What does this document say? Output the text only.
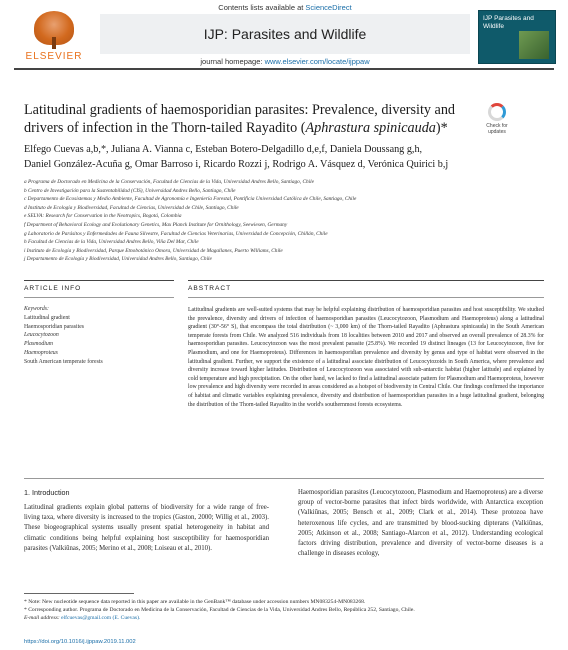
ELSEVIER
Contents lists available at ScienceDirect
IJP: Parasites and Wildlife
journal homepage: www.elsevier.com/locate/ijppaw
IJP Parasites and Wildlife
Latitudinal gradients of haemosporidian parasites: Prevalence, diversity and drivers of infection in the Thorn-tailed Rayadito (Aphrastura spinicauda)*	Check for updates
Elfego Cuevas a,b,*, Juliana A. Vianna c, Esteban Botero-Delgadillo d,e,f, Daniela Doussang g,h,
Daniel González-Acuña g, Omar Barroso i, Ricardo Rozzi j, Rodrigo A. Vásquez d, Verónica Quirici b,j
a Programa de Doctorado en Medicina de la Conservación, Facultad de Ciencias de la Vida, Universidad Andres Bello, Santiago, Chile
b Centro de Investigación para la Sustentabilidad (CIS), Universidad Andres Bello, Santiago, Chile
c Departamento de Ecosistemas y Medio Ambiente, Facultad de Agronomía e Ingeniería Forestal, Pontificia Universidad Católica de Chile, Santiago, Chile
d Instituto de Ecología y Biodiversidad, Facultad de Ciencias, Universidad de Chile, Santiago, Chile
e SELVA: Research for Conservation in the Neotropics, Bogotá, Colombia
f Department of Behavioral Ecology and Evolutionary Genetics, Max Planck Institute for Ornithology, Seewiesen, Germany
g Laboratorio de Parásitos y Enfermedades de Fauna Silvestre, Facultad de Ciencias Veterinarias, Universidad de Concepción, Chillán, Chile
h Facultad de Ciencias de la Vida, Universidad Andres Bello, Viña Del Mar, Chile
i Instituto de Ecología y Biodiversidad, Parque Etnobotánico Omora, Universidad de Magallanes, Puerto Williams, Chile
j Departamento de Ecología y Biodiversidad, Universidad Andres Bello, Santiago, Chile
ARTICLE INFO	ABSTRACT
Keywords:
Latitudinal gradient
Haemosporidian parasites
Leucocytozoon
Plasmodium
Haemoproteus
South American temperate forests
Latitudinal gradients are well-suited systems that may be helpful explaining distribution of haemosporidian parasites and host susceptibility. We studied the prevalence, diversity and drivers of infection of haemosporidian parasites (Leucocytozoon, Plasmodium and Haemoproteus) along a latitudinal gradient (30°-56° S), that encompass the total distribution (~ 3,000 km) of the Thorn-tailed Rayadito (Aphrastura spinicauda) in the South American temperate forests from Chile. We analyzed 516 individuals from 18 localities between 2010 and 2017 and observed an overall prevalence of 28.3% for haemosporidian parasites. Leucocytozoon was the most prevalent parasite (25.8%). We recorded 19 distinct lineages (13 for Leucocytozoon, five for Plasmodium, and one for Haemoproteus). Differences in haemosporidian prevalence and diversity by genus and type of habitat were observed in the latitudinal gradient. Further, we support the existence of a latitudinal associate distribution of Leucocytozoids in South America, where prevalence and diversity increase toward higher latitudes. Distribution of Leucocytozoon was associated with sub-antarctic habitat (higher latitude) and explained by cold temperature and high precipitation. On the other hand, we lacked to find a latitudinal associate pattern for Plasmodium and Haemoproteus, however low prevalence and high diversity were recorded in areas considered as a hotspot of biodiversity in Central Chile. Our findings confirmed the importance of habitat and climatic variables explaining prevalence, diversity and distribution of haemosporidian parasites in a huge latitudinal gradient, belonging the distribution of the Thorn-tailed Rayadito in the world's southernmost forests ecosystems.
1. Introduction
Latitudinal gradients explain global patterns of biodiversity for a wide range of free-living taxa, where diversity is increased to the tropics (Gaston, 2000; Willig et al., 2003). These biogeographical systems usually present spatial heterogeneity in habitat and climatic conditions being helpful explaining host susceptibility for haemosporidian parasites (Valkiūnas, 2005; Merino et al., 2008; Loiseau et al., 2010).
Haemosporidian parasites (Leucocytozoon, Plasmodium and Haemoproteus) are a diverse group of vector-borne parasites that infect birds worldwide, with Antarctica exception (Valkiūnas, 2005; Bensch et al., 2009; Clark et al., 2014). These protozoa have heteroxenous life cycles, and are transmitted by blood-sucking dipterans (Valkiūnas, 2005; Atkinson et al., 2008; Santiago-Alarcon et al., 2012). Understanding ecological factors driving distribution, prevalence and diversity of vector-borne diseases is a challenge in diseases ecology,
* Note: New nucleotide sequence data reported in this paper are available in the GenBank™ database under accession numbers MN083254-MN083268.
* Corresponding author. Programa de Doctorado en Medicina de la Conservación, Facultad de Ciencias de la Vida, Universidad Andres Bello, República 252, Santiago, Chile.
E-mail address: elfcuevas@gmail.com (E. Cuevas).
https://doi.org/10.1016/j.ijppaw.2019.11.002
